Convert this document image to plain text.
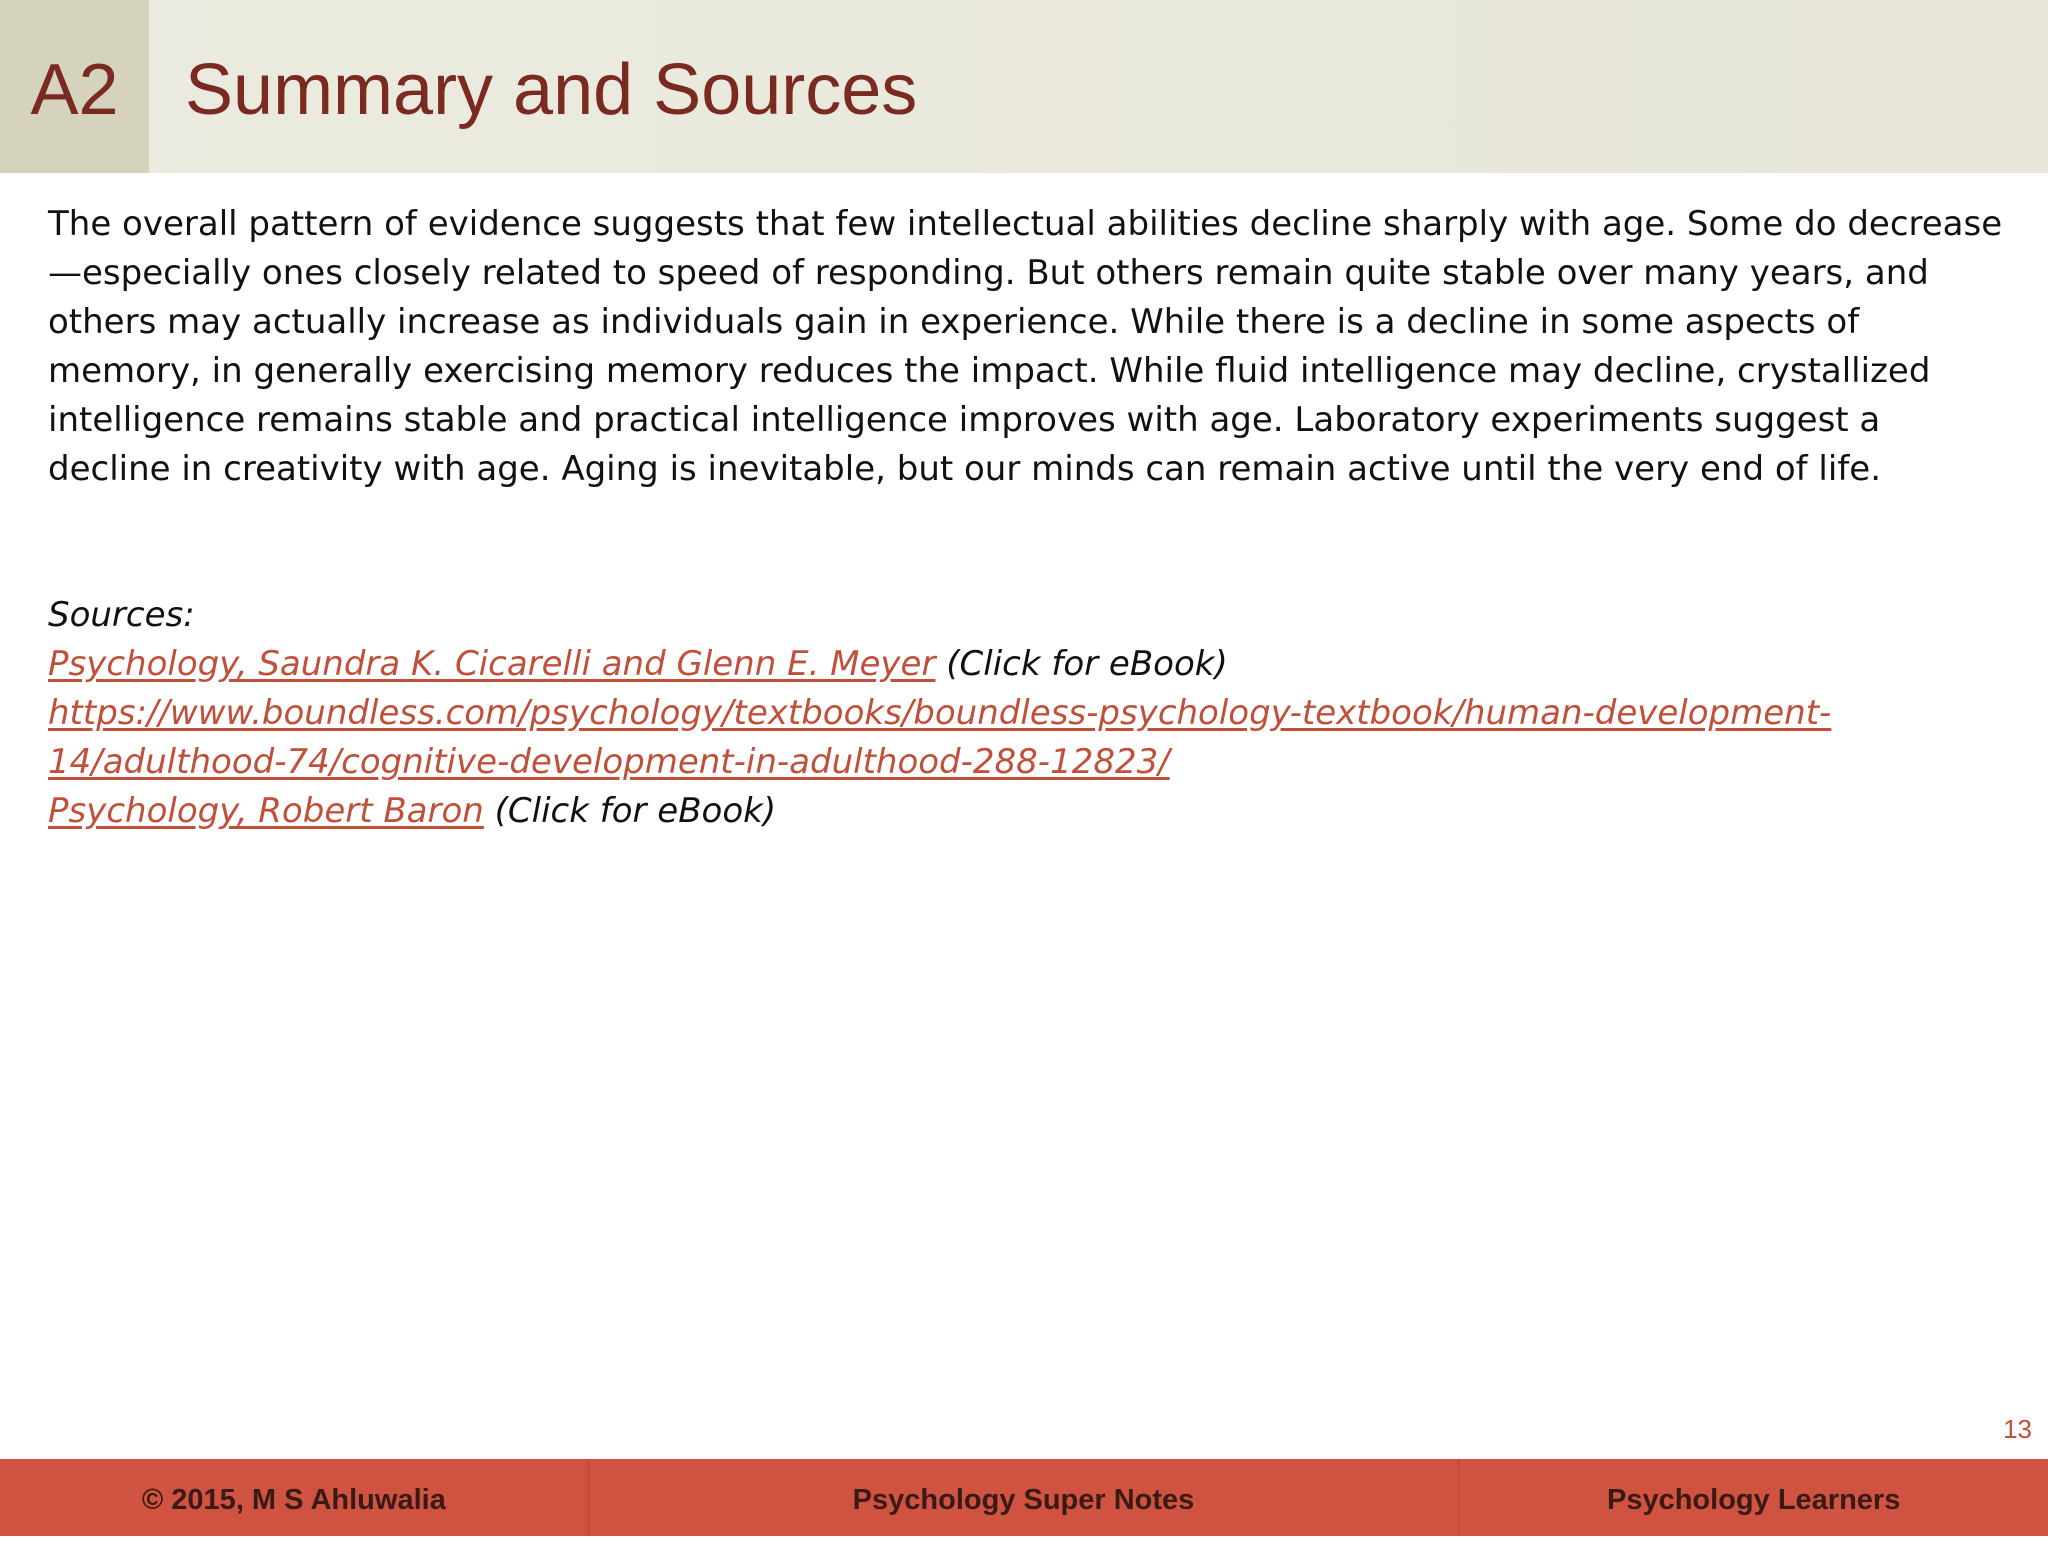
A2 Summary and Sources

The overall pattern of evidence suggests that few intellectual abilities decline sharply with age. Some do decrease—especially ones closely related to speed of responding. But others remain quite stable over many years, and others may actually increase as individuals gain in experience. While there is a decline in some aspects of memory, in generally exercising memory reduces the impact. While fluid intelligence may decline, crystallized intelligence remains stable and practical intelligence improves with age. Laboratory experiments suggest a decline in creativity with age. Aging is inevitable, but our minds can remain active until the very end of life.

Sources:
Psychology, Saundra K. Cicarelli and Glenn E. Meyer (Click for eBook)
https://www.boundless.com/psychology/textbooks/boundless-psychology-textbook/human-development-
14/adulthood-74/cognitive-development-in-adulthood-288-12823/
Psychology, Robert Baron (Click for eBook)
13
© 2015, M S Ahluwalia	Psychology Super Notes	Psychology Learners
